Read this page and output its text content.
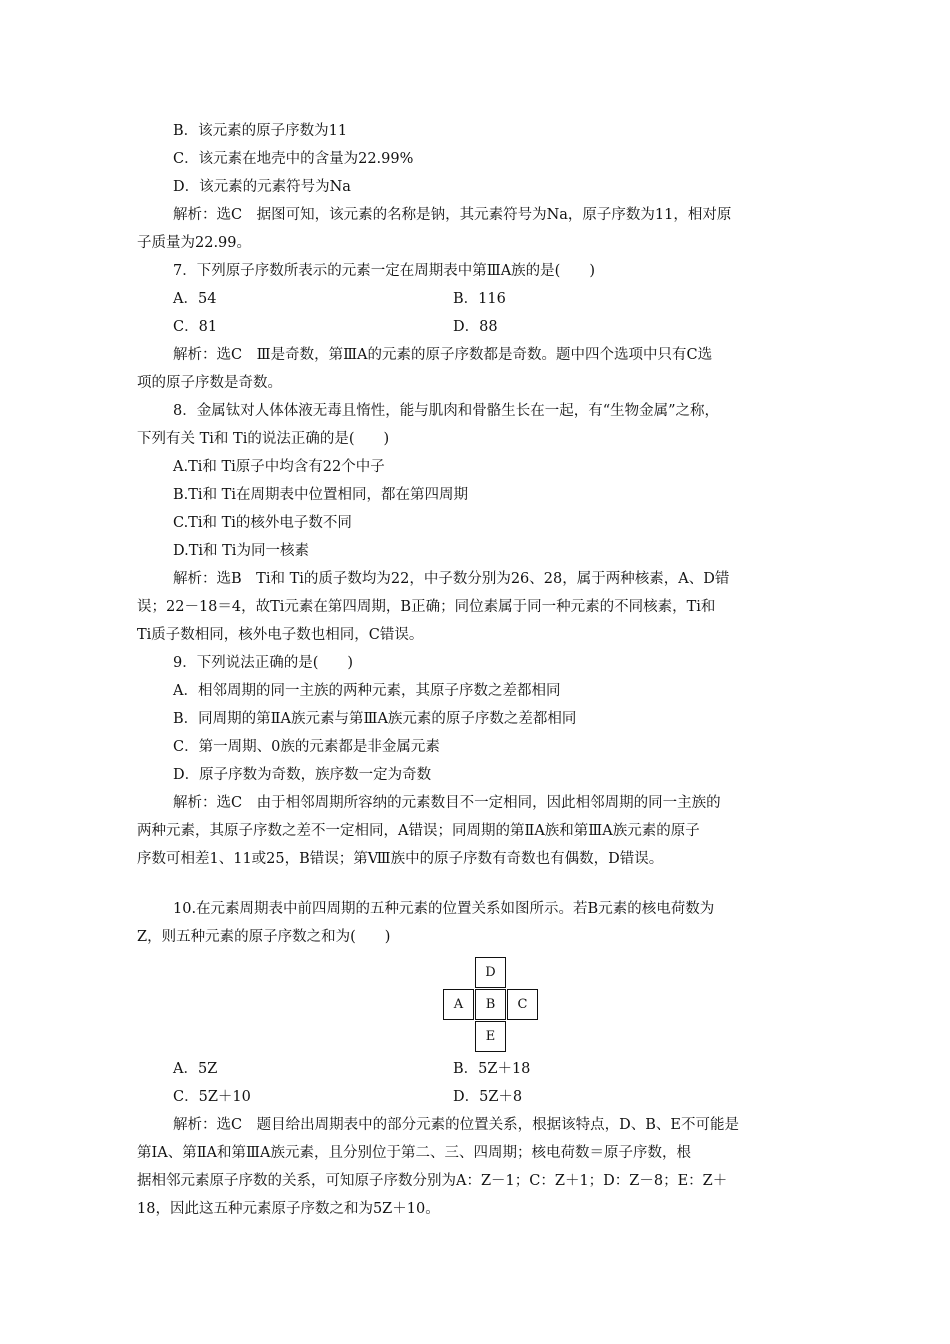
B．该元素的原子序数为11
C．该元素在地壳中的含量为22.99%
D．该元素的元素符号为Na
解析：选C　据图可知，该元素的名称是钠，其元素符号为Na，原子序数为11，相对原
子质量为22.99。
7．下列原子序数所表示的元素一定在周期表中第ⅢA族的是(　　)
A．54	B．116
C．81	D．88
解析：选C　Ⅲ是奇数，第ⅢA的元素的原子序数都是奇数。题中四个选项中只有C选
项的原子序数是奇数。
8．金属钛对人体体液无毒且惰性，能与肌肉和骨骼生长在一起，有“生物金属”之称，
下列有关 Ti和 Ti的说法正确的是(　　)
A.Ti和 Ti原子中均含有22个中子
B.Ti和 Ti在周期表中位置相同，都在第四周期
C.Ti和 Ti的核外电子数不同
D.Ti和 Ti为同一核素
解析：选B　Ti和 Ti的质子数均为22，中子数分别为26、28，属于两种核素，A、D错
误；22－18＝4，故Ti元素在第四周期，B正确；同位素属于同一种元素的不同核素，Ti和
Ti质子数相同，核外电子数也相同，C错误。
9．下列说法正确的是(　　)
A．相邻周期的同一主族的两种元素，其原子序数之差都相同
B．同周期的第ⅡA族元素与第ⅢA族元素的原子序数之差都相同
C．第一周期、0族的元素都是非金属元素
D．原子序数为奇数，族序数一定为奇数
解析：选C　由于相邻周期所容纳的元素数目不一定相同，因此相邻周期的同一主族的
两种元素，其原子序数之差不一定相同，A错误；同周期的第ⅡA族和第ⅢA族元素的原子
序数可相差1、11或25，B错误；第Ⅷ族中的原子序数有奇数也有偶数，D错误。
10.在元素周期表中前四周期的五种元素的位置关系如图所示。若B元素的核电荷数为
Z，则五种元素的原子序数之和为(　　)
A．5Z	B．5Z＋18
C．5Z＋10	D．5Z＋8
解析：选C　题目给出周期表中的部分元素的位置关系，根据该特点，D、B、E不可能是
第ⅠA、第ⅡA和第ⅢA族元素，且分别位于第二、三、四周期；核电荷数＝原子序数，根
据相邻元素原子序数的关系，可知原子序数分别为A：Z－1；C：Z＋1；D：Z－8；E：Z＋
18，因此这五种元素原子序数之和为5Z＋10。
D
A	B	C
E
